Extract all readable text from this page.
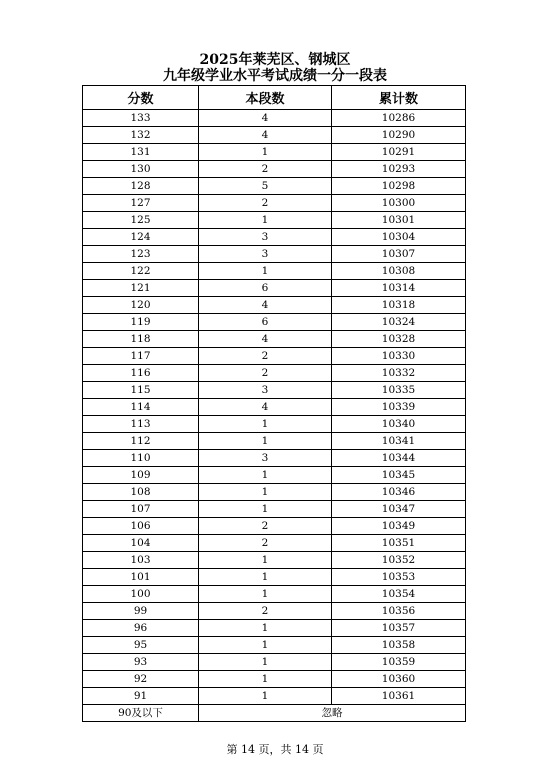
2025年莱芜区、钢城区
九年级学业水平考试成绩一分一段表
分数	本段数	累计数
133	4	10286
132	4	10290
131	1	10291
130	2	10293
128	5	10298
127	2	10300
125	1	10301
124	3	10304
123	3	10307
122	1	10308
121	6	10314
120	4	10318
119	6	10324
118	4	10328
117	2	10330
116	2	10332
115	3	10335
114	4	10339
113	1	10340
112	1	10341
110	3	10344
109	1	10345
108	1	10346
107	1	10347
106	2	10349
104	2	10351
103	1	10352
101	1	10353
100	1	10354
99	2	10356
96	1	10357
95	1	10358
93	1	10359
92	1	10360
91	1	10361
90及以下	忽略	
第 14 页，共 14 页
